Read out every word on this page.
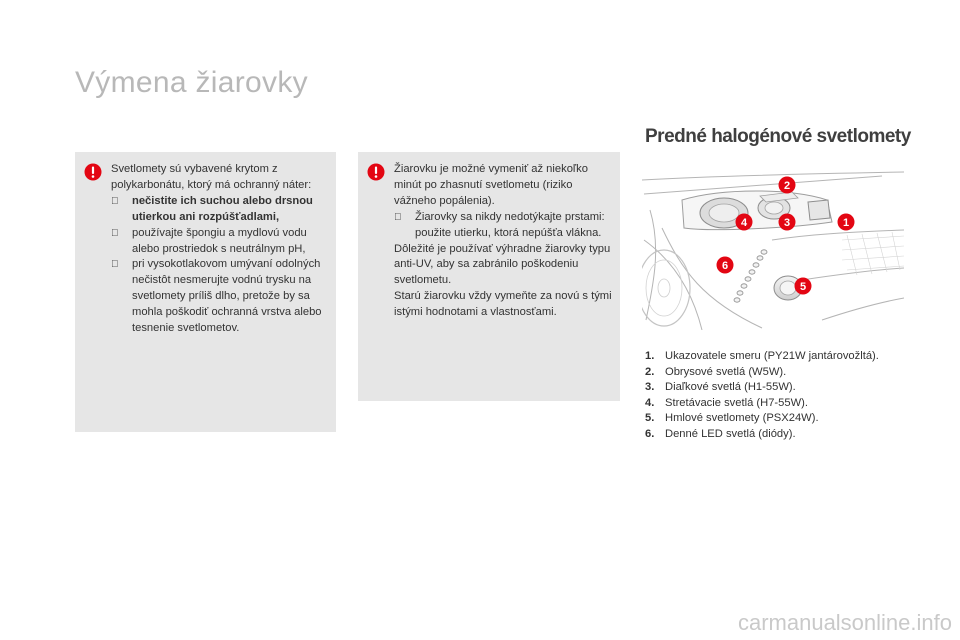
Výmena žiarovky
Predné halogénové svetlomety

Svetlomety sú vybavené krytom z polykarbonátu, ktorý má ochranný náter:

nečistite ich suchou alebo drsnou utierkou ani rozpúšťadlami,
používajte špongiu a mydlovú vodu alebo prostriedok s neutrálnym pH,
pri vysokotlakovom umývaní odolných nečistôt nesmerujte vodnú trysku na svetlomety príliš dlho, pretože by sa mohla poškodiť ochranná vrstva alebo tesnenie svetlometov.

Žiarovku je možné vymeniť až niekoľko minút po zhasnutí svetlometu (riziko vážneho popálenia).

Žiarovky sa nikdy nedotýkajte prstami: použite utierku, ktorá nepúšťa vlákna.

Dôležité je používať výhradne žiarovky typu anti-UV, aby sa zabránilo poškodeniu svetlometu.

Starú žiarovku vždy vymeňte za novú s tými istými hodnotami a vlastnosťami.

1
2
3
4
5
6
1. Ukazovatele smeru (PY21W jantárovožltá).
2. Obrysové svetlá (W5W).
3. Diaľkové svetlá (H1-55W).
4. Stretávacie svetlá (H7-55W).
5. Hmlové svetlomety (PSX24W).
6. Denné LED svetlá (diódy).
carmanualsonline.info
